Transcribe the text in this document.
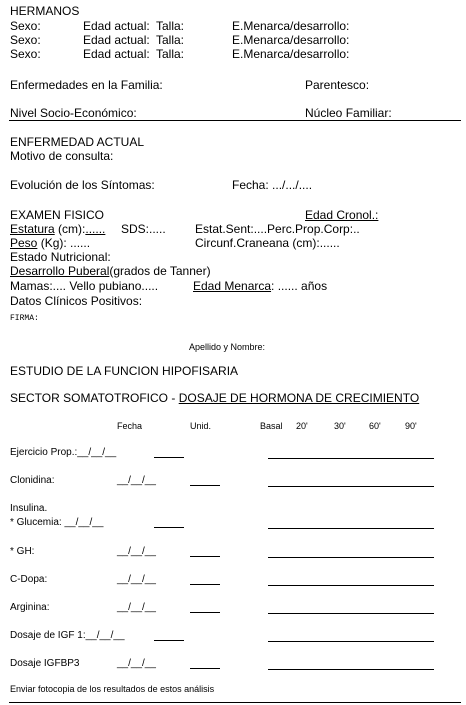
HERMANOS
Sexo:	Edad actual: Talla:	E.Menarca/desarrollo:
Sexo:	Edad actual: Talla:	E.Menarca/desarrollo:
Sexo:	Edad actual: Talla:	E.Menarca/desarrollo:
Enfermedades en la Familia:	Parentesco:
Nivel Socio-Económico:	Núcleo Familiar:
ENFERMEDAD ACTUAL
Motivo de consulta:
Evolución de los Síntomas:	Fecha: .../.../....
EXAMEN FISICO	Edad Cronol.:
Estatura (cm):...... SDS:..... Estat.Sent:....Perc.Prop.Corp:..
Peso (Kg): ......	Circunf.Craneana (cm):......
Estado Nutricional:
Desarrollo Puberal(grados de Tanner)
Mamas:.... Vello pubiano.....	Edad Menarca: ...... años
Datos Clínicos Positivos:
FIRMA:
Apellido y Nombre:
ESTUDIO DE LA FUNCION HIPOFISARIA
SECTOR SOMATOTROFICO - DOSAJE DE HORMONA DE CRECIMIENTO
Fecha	Unid.	Basal 20'	30'	60'	90'
Ejercicio Prop.:__/__/__
Clonidina:	__/__/__
Insulina.
* Glucemia: __/__/__
* GH:	__/__/__
C-Dopa:	__/__/__
Arginina:	__/__/__
Dosaje de IGF 1:__/__/__
Dosaje IGFBP3	__/__/__
Enviar fotocopia de los resultados de estos análisis
